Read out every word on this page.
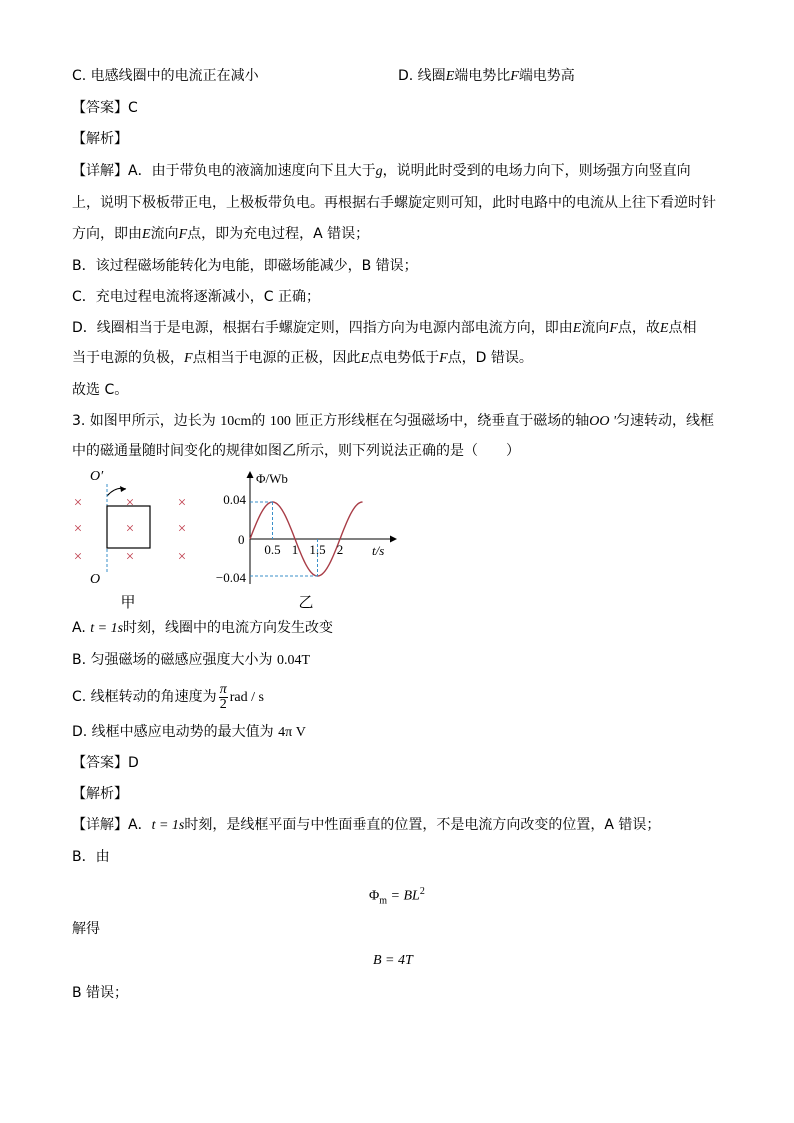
C. 电感线圈中的电流正在减小	D. 线圈E端电势比F端电势高
【答案】C
【解析】
【详解】A．由于带负电的液滴加速度向下且大于g，说明此时受到的电场力向下，则场强方向竖直向
上，说明下极板带正电，上极板带负电。再根据右手螺旋定则可知，此时电路中的电流从上往下看逆时针
方向，即由E流向F点，即为充电过程，A 错误；
B．该过程磁场能转化为电能，即磁场能减少，B 错误；
C．充电过程电流将逐渐减小，C 正确；
D．线圈相当于是电源，根据右手螺旋定则，四指方向为电源内部电流方向，即由E流向F点，故E点相
当于电源的负极，F点相当于电源的正极，因此E点电势低于F点，D 错误。
故选 C。
3. 如图甲所示，边长为 10cm的 100 匝正方形线框在匀强磁场中，绕垂直于磁场的轴OO '匀速转动，线框
中的磁通量随时间变化的规律如图乙所示，则下列说法正确的是（　　）
O′
O
×
×
×
×
×
×
×
×
×
甲
Φ/Wb
t/s
0
0.04
−0.04
0.5 1 1.5 2
乙
A. t = 1s时刻，线圈中的电流方向发生改变
B. 匀强磁场的磁感应强度大小为 0.04T
C. 线框转动的角速度为 $\frac{\pi}{2}$ rad / s
D. 线框中感应电动势的最大值为 4π V
【答案】D
【解析】
【详解】A．t = 1s时刻，是线框平面与中性面垂直的位置，不是电流方向改变的位置，A 错误；
B．由
$\Phi_m = BL^2$
解得
B = 4T
B 错误；
